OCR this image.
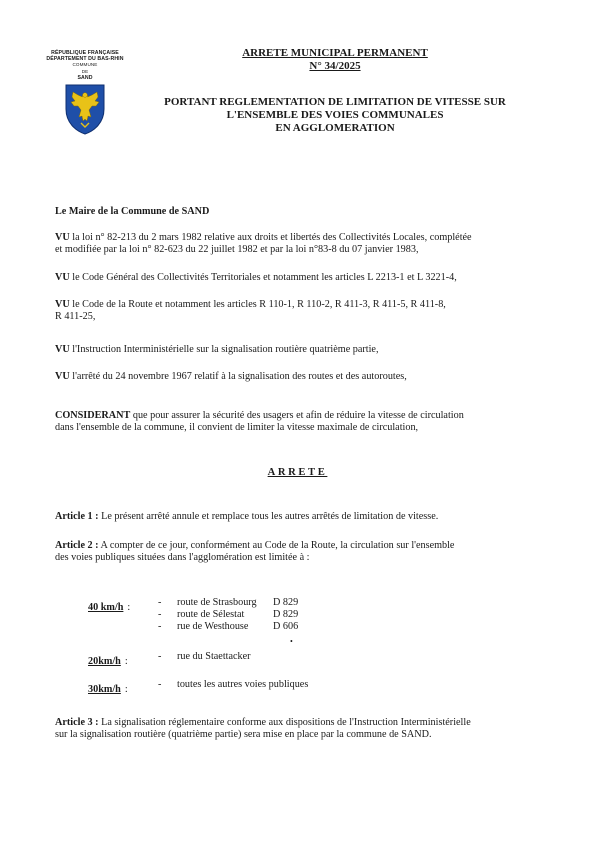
RÉPUBLIQUE FRANÇAISE
DÉPARTEMENT DU BAS-RHIN
COMMUNE
DE
SAND
ARRETE MUNICIPAL PERMANENT
N° 34/2025
PORTANT REGLEMENTATION DE LIMITATION DE VITESSE SUR
L'ENSEMBLE DES VOIES COMMUNALES
EN AGGLOMERATION
Le Maire de la Commune de SAND
VU la loi n° 82-213 du 2 mars 1982 relative aux droits et libertés des Collectivités Locales, complétée
et modifiée par la loi n° 82-623 du 22 juillet 1982 et par la loi n°83-8 du 07 janvier 1983,
VU le Code Général des Collectivités Territoriales et notamment les articles L 2213-1 et L 3221-4,
VU le Code de la Route et notamment les articles R 110-1, R 110-2, R 411-3, R 411-5, R 411-8,
R 411-25,
VU l'Instruction Interministérielle sur la signalisation routière quatrième partie,
VU l'arrêté du 24 novembre 1967 relatif à la signalisation des routes et des autoroutes,
CONSIDERANT que pour assurer la sécurité des usagers et afin de réduire la vitesse de circulation
dans l'ensemble de la commune, il convient de limiter la vitesse maximale de circulation,
ARRETE
Article 1 : Le présent arrêté annule et remplace tous les autres arrêtés de limitation de vitesse.
Article 2 : A compter de ce jour, conformément au Code de la Route, la circulation sur l'ensemble
des voies publiques situées dans l'agglomération est limitée à :
40 km/h :	- route de Strasbourg D 829
- route de Sélestat	D 829
- rue de Westhouse D 606
•
20km/h :	- rue du Staettacker
30km/h :	- toutes les autres voies publiques
Article 3 : La signalisation réglementaire conforme aux dispositions de l'Instruction Interministérielle
sur la signalisation routière (quatrième partie) sera mise en place par la commune de SAND.
